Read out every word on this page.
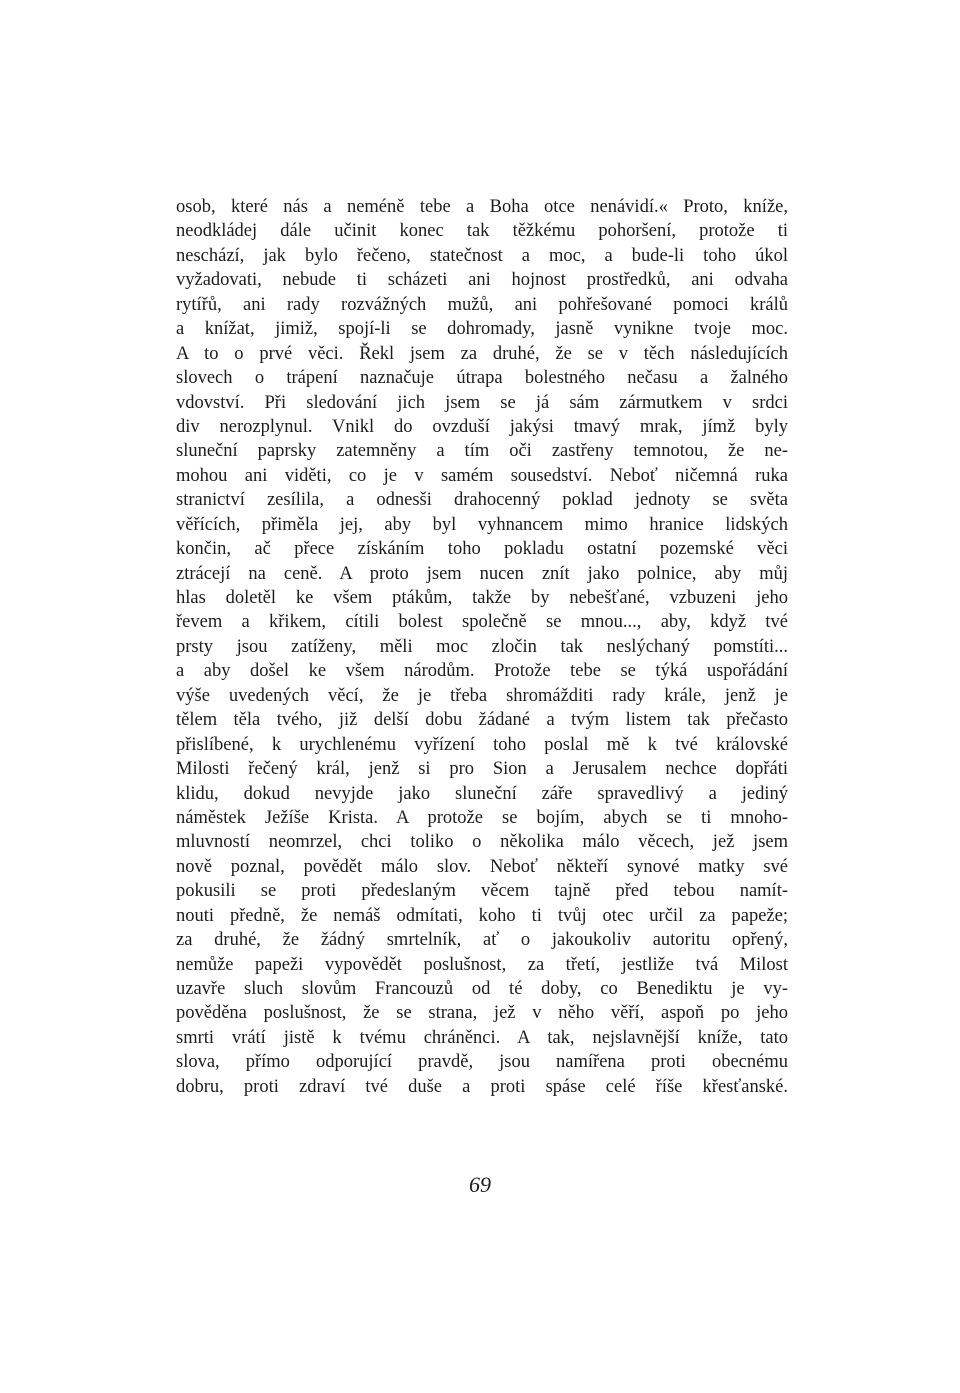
osob, které nás a neméně tebe a Boha otce nenávidí.« Proto, kníže,
neodkládej dále učinit konec tak těžkému pohoršení, protože ti
neschází, jak bylo řečeno, statečnost a moc, a bude-li toho úkol
vyžadovati, nebude ti scházeti ani hojnost prostředků, ani odvaha
rytířů, ani rady rozvážných mužů, ani pohřešované pomoci králů
a knížat, jimiž, spojí-li se dohromady, jasně vynikne tvoje moc.
A to o prvé věci. Řekl jsem za druhé, že se v těch následujících
slovech o trápení naznačuje útrapa bolestného nečasu a žalného
vdovství. Při sledování jich jsem se já sám zármutkem v srdci
div nerozplynul. Vnikl do ovzduší jakýsi tmavý mrak, jímž byly
sluneční paprsky zatemněny a tím oči zastřeny temnotou, že ne-
mohou ani viděti, co je v samém sousedství. Neboť ničemná ruka
stranictví zesílila, a odnesši drahocenný poklad jednoty se světa
věřících, přiměla jej, aby byl vyhnancem mimo hranice lidských
končin, ač přece získáním toho pokladu ostatní pozemské věci
ztrácejí na ceně. A proto jsem nucen znít jako polnice, aby můj
hlas doletěl ke všem ptákům, takže by nebešťané, vzbuzeni jeho
řevem a křikem, cítili bolest společně se mnou..., aby, když tvé
prsty jsou zatíženy, měli moc zločin tak neslýchaný pomstíti...
a aby došel ke všem národům. Protože tebe se týká uspořádání
výše uvedených věcí, že je třeba shromážditi rady krále, jenž je
tělem těla tvého, již delší dobu žádané a tvým listem tak přečasto
přislíbené, k urychlenému vyřízení toho poslal mě k tvé královské
Milosti řečený král, jenž si pro Sion a Jerusalem nechce dopřáti
klidu, dokud nevyjde jako sluneční záře spravedlivý a jediný
náměstek Ježíše Krista. A protože se bojím, abych se ti mnoho-
mluvností neomrzel, chci toliko o několika málo věcech, jež jsem
nově poznal, povědět málo slov. Neboť někteří synové matky své
pokusili se proti předeslaným věcem tajně před tebou namít-
nouti předně, že nemáš odmítati, koho ti tvůj otec určil za papeže;
za druhé, že žádný smrtelník, ať o jakoukoliv autoritu opřený,
nemůže papeži vypovědět poslušnost, za třetí, jestliže tvá Milost
uzavře sluch slovům Francouzů od té doby, co Benediktu je vy-
pověděna poslušnost, že se strana, jež v něho věří, aspoň po jeho
smrti vrátí jistě k tvému chráněnci. A tak, nejslavnější kníže, tato
slova, přímo odporující pravdě, jsou namířena proti obecnému
dobru, proti zdraví tvé duše a proti spáse celé říše křesťanské.
69
